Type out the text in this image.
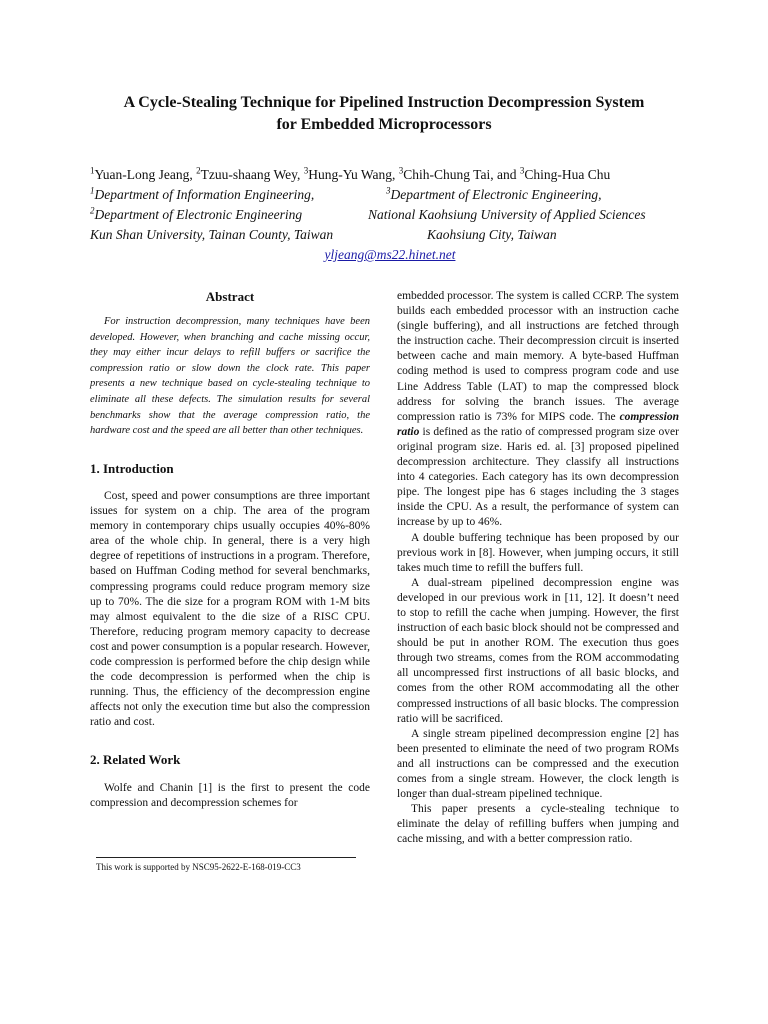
A Cycle-Stealing Technique for Pipelined Instruction Decompression System
for Embedded Microprocessors
$^1$Yuan-Long Jeang, $^2$Tzuu-shaang Wey, $^3$Hung-Yu Wang, $^3$Chih-Chung Tai, and $^3$Ching-Hua Chu
$^1$Department of Information Engineering,	$^3$Department of Electronic Engineering,
$^2$Department of Electronic Engineering	National Kaohsiung University of Applied Sciences
Kun Shan University, Tainan County, Taiwan	Kaohsiung City, Taiwan
yljeang@ms22.hinet.net
Abstract

For instruction decompression, many techniques have been developed. However, when branching and cache missing occur, they may either incur delays to refill buffers or sacrifice the compression ratio or slow down the clock rate. This paper presents a new technique based on cycle-stealing technique to eliminate all these defects. The simulation results for several benchmarks show that the average compression ratio, the hardware cost and the speed are all better than other techniques.

1. Introduction

Cost, speed and power consumptions are three important issues for system on a chip. The area of the program memory in contemporary chips usually occupies 40%-80% area of the whole chip. In general, there is a very high degree of repetitions of instructions in a program. Therefore, based on Huffman Coding method for several benchmarks, compressing programs could reduce program memory size up to 70%. The die size for a program ROM with 1-M bits may almost equivalent to the die size of a RISC CPU. Therefore, reducing program memory capacity to decrease cost and power consumption is a popular research. However, code compression is performed before the chip design while the code decompression is performed when the chip is running. Thus, the efficiency of the decompression engine affects not only the execution time but also the compression ratio and cost.

2. Related Work

Wolfe and Chanin [1] is the first to present the code compression and decompression schemes for

This work is supported by NSC95-2622-E-168-019-CC3

embedded processor. The system is called CCRP. The system builds each embedded processor with an instruction cache (single buffering), and all instructions are fetched through the instruction cache. Their decompression circuit is inserted between cache and main memory. A byte-based Huffman coding method is used to compress program code and use Line Address Table (LAT) to map the compressed block address for solving the branch issues. The average compression ratio is 73% for MIPS code. The compression ratio is defined as the ratio of compressed program size over original program size. Haris ed. al. [3] proposed pipelined decompression architecture. They classify all instructions into 4 categories. Each category has its own decompression pipe. The longest pipe has 6 stages including the 3 stages inside the CPU. As a result, the performance of system can increase by up to 46%.

A double buffering technique has been proposed by our previous work in [8]. However, when jumping occurs, it still takes much time to refill the buffers full.

A dual-stream pipelined decompression engine was developed in our previous work in [11, 12]. It doesn’t need to stop to refill the cache when jumping. However, the first instruction of each basic block should not be compressed and should be put in another ROM. The execution thus goes through two streams, comes from the ROM accommodating all uncompressed first instructions of all basic blocks, and comes from the other ROM accommodating all the other compressed instructions of all basic blocks. The compression ratio will be sacrificed.

A single stream pipelined decompression engine [2] has been presented to eliminate the need of two program ROMs and all instructions can be compressed and the execution comes from a single stream. However, the clock length is longer than dual-stream pipelined technique.

This paper presents a cycle-stealing technique to eliminate the delay of refilling buffers when jumping and cache missing, and with a better compression ratio.
